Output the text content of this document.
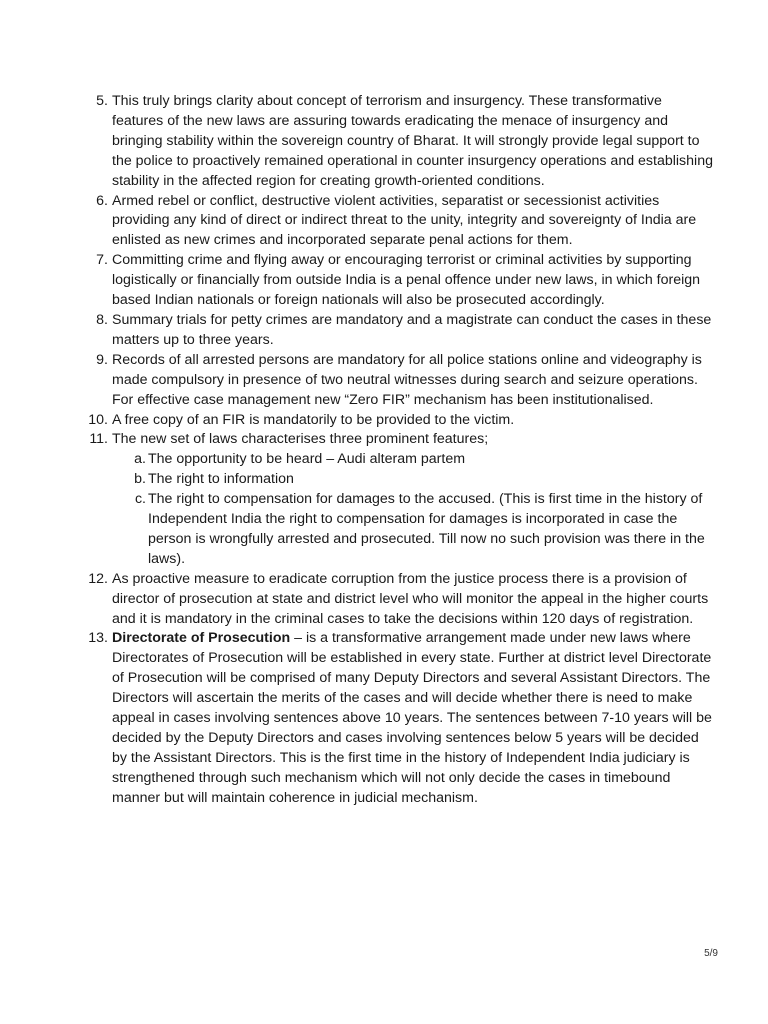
5. This truly brings clarity about concept of terrorism and insurgency. These transformative features of the new laws are assuring towards eradicating the menace of insurgency and bringing stability within the sovereign country of Bharat. It will strongly provide legal support to the police to proactively remained operational in counter insurgency operations and establishing stability in the affected region for creating growth-oriented conditions.
6. Armed rebel or conflict, destructive violent activities, separatist or secessionist activities providing any kind of direct or indirect threat to the unity, integrity and sovereignty of India are enlisted as new crimes and incorporated separate penal actions for them.
7. Committing crime and flying away or encouraging terrorist or criminal activities by supporting logistically or financially from outside India is a penal offence under new laws, in which foreign based Indian nationals or foreign nationals will also be prosecuted accordingly.
8. Summary trials for petty crimes are mandatory and a magistrate can conduct the cases in these matters up to three years.
9. Records of all arrested persons are mandatory for all police stations online and videography is made compulsory in presence of two neutral witnesses during search and seizure operations. For effective case management new “Zero FIR” mechanism has been institutionalised.
10. A free copy of an FIR is mandatorily to be provided to the victim.
11. The new set of laws characterises three prominent features;
a. The opportunity to be heard – Audi alteram partem
b. The right to information
c. The right to compensation for damages to the accused. (This is first time in the history of Independent India the right to compensation for damages is incorporated in case the person is wrongfully arrested and prosecuted. Till now no such provision was there in the laws).
12. As proactive measure to eradicate corruption from the justice process there is a provision of director of prosecution at state and district level who will monitor the appeal in the higher courts and it is mandatory in the criminal cases to take the decisions within 120 days of registration.
13. Directorate of Prosecution – is a transformative arrangement made under new laws where Directorates of Prosecution will be established in every state. Further at district level Directorate of Prosecution will be comprised of many Deputy Directors and several Assistant Directors. The Directors will ascertain the merits of the cases and will decide whether there is need to make appeal in cases involving sentences above 10 years. The sentences between 7-10 years will be decided by the Deputy Directors and cases involving sentences below 5 years will be decided by the Assistant Directors. This is the first time in the history of Independent India judiciary is strengthened through such mechanism which will not only decide the cases in timebound manner but will maintain coherence in judicial mechanism.
5/9
